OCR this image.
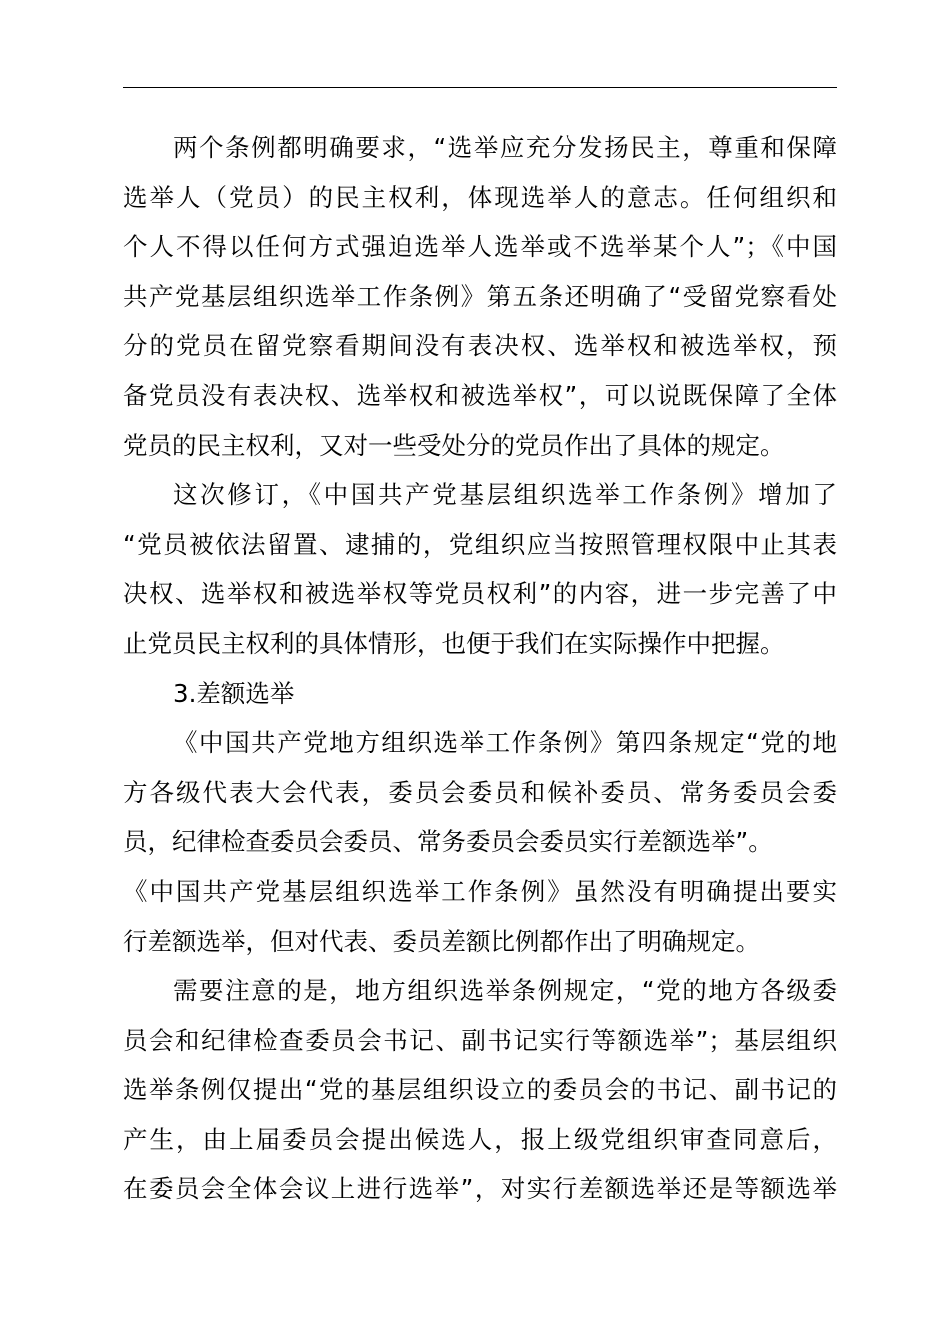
两个条例都明确要求，“选举应充分发扬民主，尊重和保障
选举人（党员）的民主权利，体现选举人的意志。任何组织和
个人不得以任何方式强迫选举人选举或不选举某个人”；《中国
共产党基层组织选举工作条例》第五条还明确了“受留党察看处
分的党员在留党察看期间没有表决权、选举权和被选举权，预
备党员没有表决权、选举权和被选举权”，可以说既保障了全体
党员的民主权利，又对一些受处分的党员作出了具体的规定。
这次修订，《中国共产党基层组织选举工作条例》增加了
“党员被依法留置、逮捕的，党组织应当按照管理权限中止其表
决权、选举权和被选举权等党员权利”的内容，进一步完善了中
止党员民主权利的具体情形，也便于我们在实际操作中把握。
3.差额选举
《中国共产党地方组织选举工作条例》第四条规定“党的地
方各级代表大会代表，委员会委员和候补委员、常务委员会委
员，纪律检查委员会委员、常务委员会委员实行差额选举”。
《中国共产党基层组织选举工作条例》虽然没有明确提出要实
行差额选举，但对代表、委员差额比例都作出了明确规定。
需要注意的是，地方组织选举条例规定，“党的地方各级委
员会和纪律检查委员会书记、副书记实行等额选举”；基层组织
选举条例仅提出“党的基层组织设立的委员会的书记、副书记的
产生，由上届委员会提出候选人，报上级党组织审查同意后，
在委员会全体会议上进行选举”，对实行差额选举还是等额选举
